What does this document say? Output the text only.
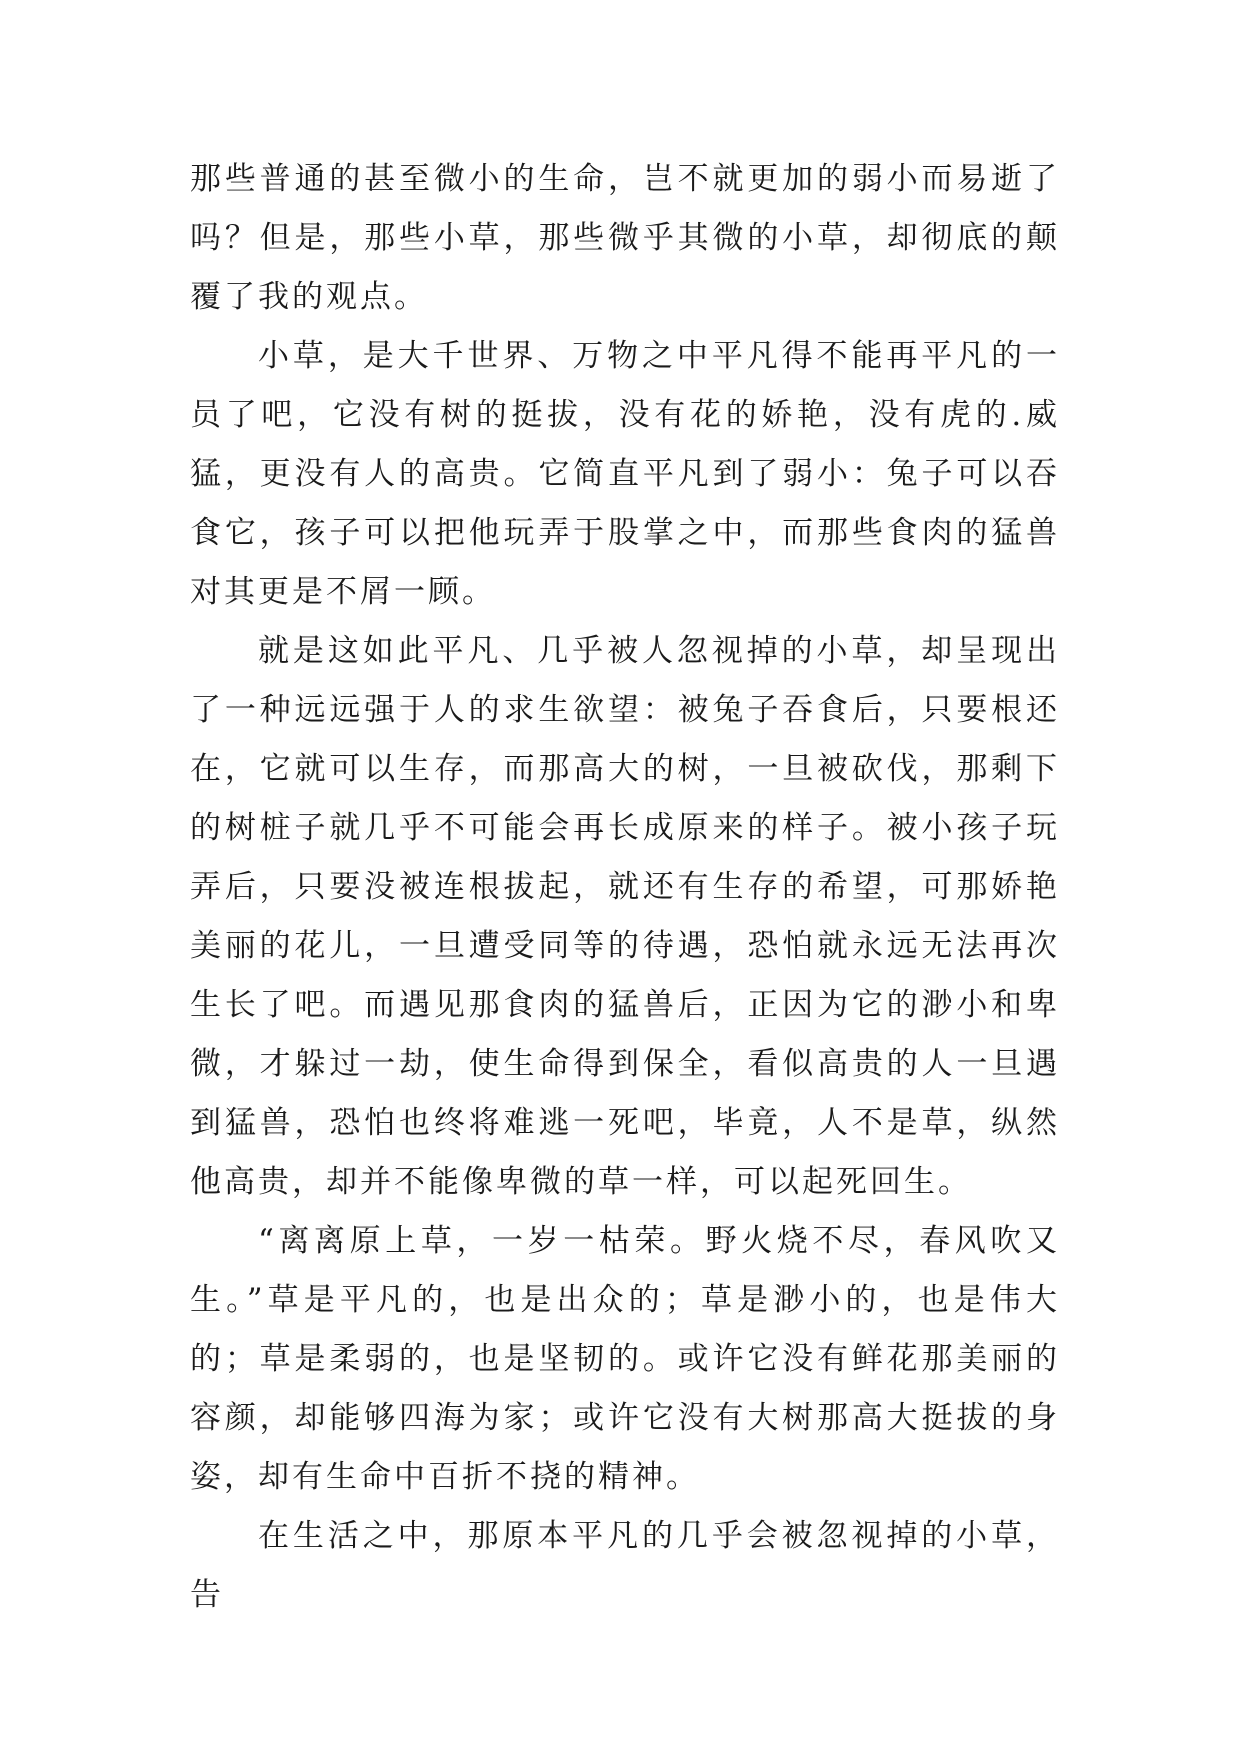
那些普通的甚至微小的生命，岂不就更加的弱小而易逝了吗？但是，那些小草，那些微乎其微的小草，却彻底的颠覆了我的观点。

小草，是大千世界、万物之中平凡得不能再平凡的一员了吧，它没有树的挺拔，没有花的娇艳，没有虎的.威猛，更没有人的高贵。它简直平凡到了弱小：兔子可以吞食它，孩子可以把他玩弄于股掌之中，而那些食肉的猛兽对其更是不屑一顾。

就是这如此平凡、几乎被人忽视掉的小草，却呈现出了一种远远强于人的求生欲望：被兔子吞食后，只要根还在，它就可以生存，而那高大的树，一旦被砍伐，那剩下的树桩子就几乎不可能会再长成原来的样子。被小孩子玩弄后，只要没被连根拔起，就还有生存的希望，可那娇艳美丽的花儿，一旦遭受同等的待遇，恐怕就永远无法再次生长了吧。而遇见那食肉的猛兽后，正因为它的渺小和卑微，才躲过一劫，使生命得到保全，看似高贵的人一旦遇到猛兽，恐怕也终将难逃一死吧，毕竟，人不是草，纵然他高贵，却并不能像卑微的草一样，可以起死回生。

“离离原上草，一岁一枯荣。野火烧不尽，春风吹又生。”草是平凡的，也是出众的；草是渺小的，也是伟大的；草是柔弱的，也是坚韧的。或许它没有鲜花那美丽的容颜，却能够四海为家；或许它没有大树那高大挺拔的身姿，却有生命中百折不挠的精神。

在生活之中，那原本平凡的几乎会被忽视掉的小草，告
